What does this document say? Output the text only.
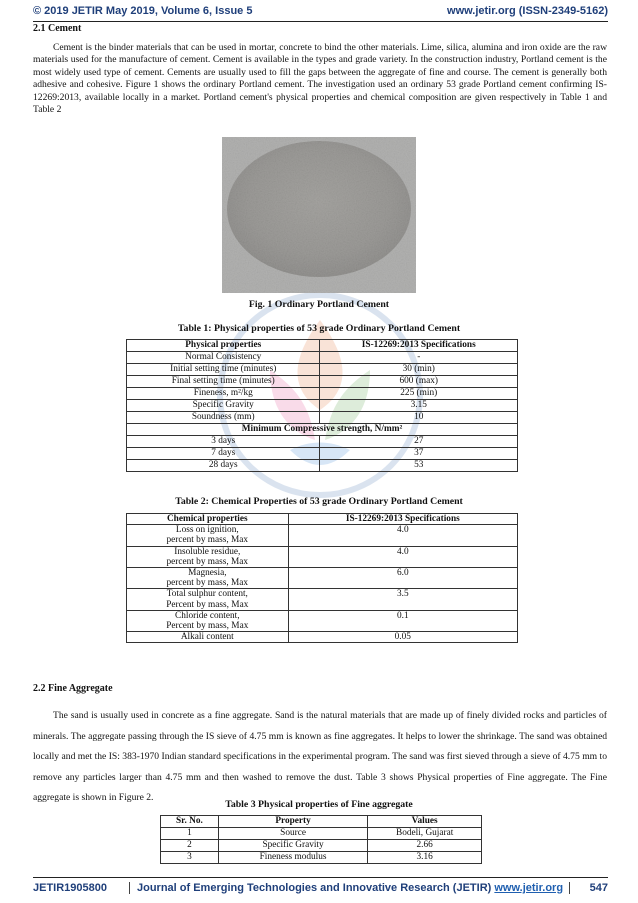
© 2019 JETIR May 2019, Volume 6, Issue 5	www.jetir.org (ISSN-2349-5162)
2.1 Cement

Cement is the binder materials that can be used in mortar, concrete to bind the other materials. Lime, silica, alumina and iron oxide are the raw materials used for the manufacture of cement. Cement is available in the types and grade variety. In the construction industry, Portland cement is the most widely used type of cement. Cements are usually used to fill the gaps between the aggregate of fine and course. The cement is generally both adhesive and cohesive. Figure 1 shows the ordinary Portland cement. The investigation used an ordinary 53 grade Portland cement confirming IS-12269:2013, available locally in a market. Portland cement's physical properties and chemical composition are given respectively in Table 1 and Table 2

Fig. 1 Ordinary Portland Cement
Table 1: Physical properties of 53 grade Ordinary Portland Cement
Physical properties	IS-12269:2013 Specifications
Normal Consistency	-
Initial setting time (minutes)	30 (min)
Final setting time (minutes)	600 (max)
Fineness, m²/kg	225 (min)
Specific Gravity	3.15
Soundness (mm)	10
Minimum Compressive strength, N/mm²	
3 days	27
7 days	37
28 days	53
Table 2: Chemical Properties of 53 grade Ordinary Portland Cement
Chemical properties	IS-12269:2013 Specifications
Loss on ignition,
percent by mass, Max	4.0
Insoluble residue,
percent by mass, Max	4.0
Magnesia,
percent by mass, Max	6.0
Total sulphur content,
Percent by mass, Max	3.5
Chloride content,
Percent by mass, Max	0.1
Alkali content	0.05
2.2 Fine Aggregate

The sand is usually used in concrete as a fine aggregate. Sand is the natural materials that are made up of finely divided rocks and particles of minerals. The aggregate passing through the IS sieve of 4.75 mm is known as fine aggregates. It helps to lower the shrinkage. The sand was obtained locally and met the IS: 383-1970 Indian standard specifications in the experimental program. The sand was first sieved through a sieve of 4.75 mm to remove any particles larger than 4.75 mm and then washed to remove the dust. Table 3 shows Physical properties of Fine aggregate. The Fine aggregate is shown in Figure 2.

Table 3 Physical properties of Fine aggregate
Sr. No.	Property	Values
1	Source	Bodeli, Gujarat
2	Specific Gravity	2.66
3	Fineness modulus	3.16
JETIR1905800	Journal of Emerging Technologies and Innovative Research (JETIR) www.jetir.org	547
